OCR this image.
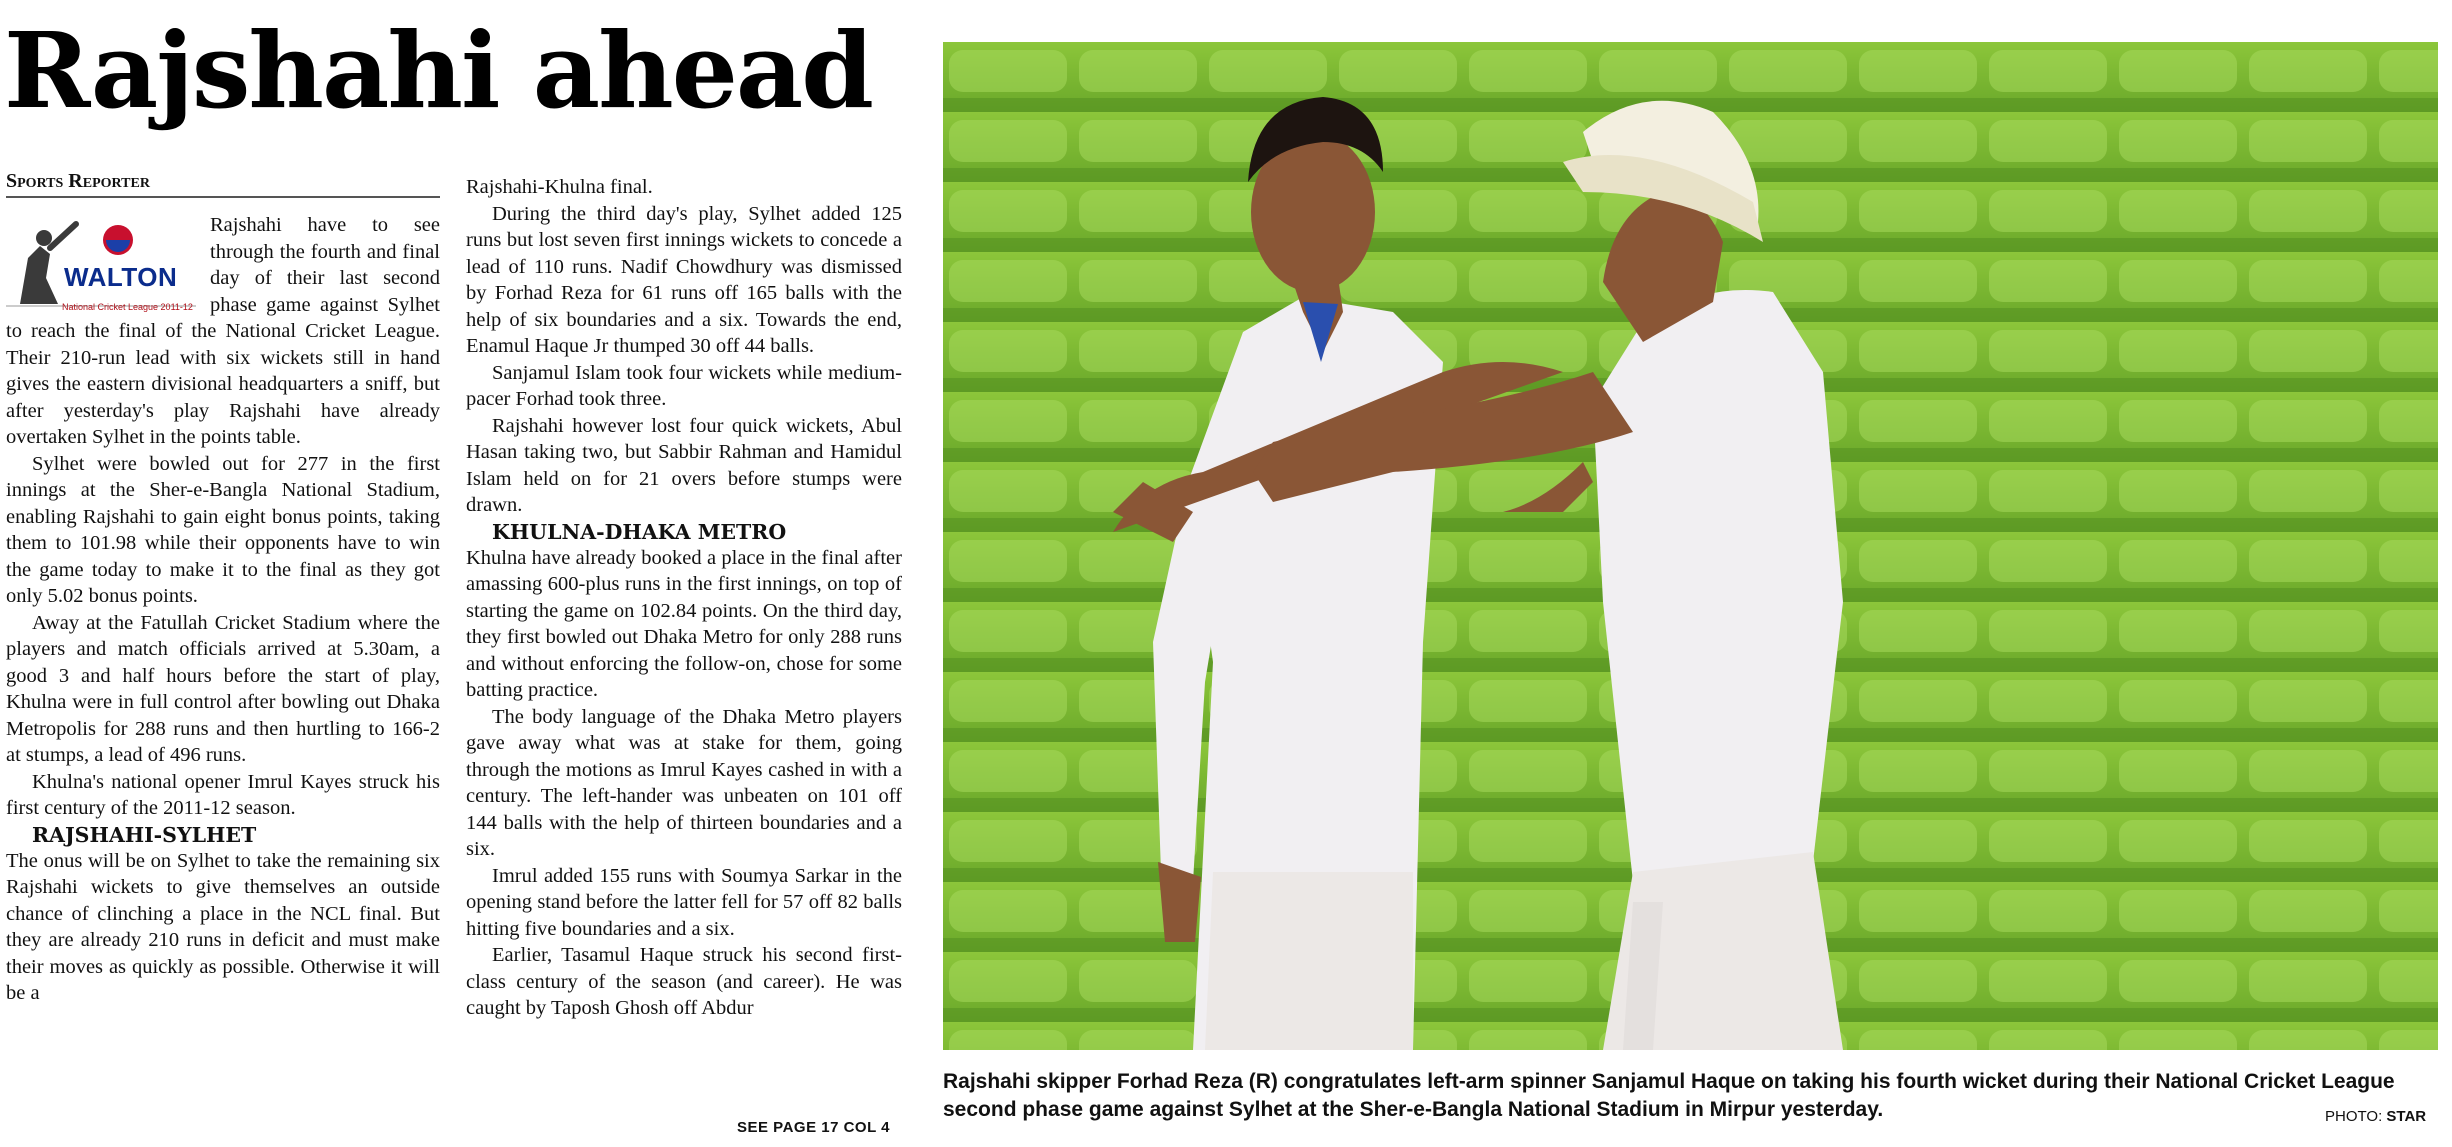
Rajshahi ahead
Sports Reporter
WALTON
National Cricket League 2011-12

Rajshahi have to see through the fourth and final day of their last second phase game against Sylhet to reach the final of the National Cricket League. Their 210-run lead with six wickets still in hand gives the eastern divisional headquarters a sniff, but after yesterday's play Rajshahi have already overtaken Sylhet in the points table.

Sylhet were bowled out for 277 in the first innings at the Sher-e-Bangla National Stadium, enabling Rajshahi to gain eight bonus points, taking them to 101.98 while their opponents have to win the game today to make it to the final as they got only 5.02 bonus points.

Away at the Fatullah Cricket Stadium where the players and match officials arrived at 5.30am, a good 3 and half hours before the start of play, Khulna were in full control after bowling out Dhaka Metropolis for 288 runs and then hurtling to 166-2 at stumps, a lead of 496 runs.

Khulna's national opener Imrul Kayes struck his first century of the 2011-12 season.

RAJSHAHI-SYLHET

The onus will be on Sylhet to take the remaining six Rajshahi wickets to give themselves an outside chance of clinching a place in the NCL final. But they are already 210 runs in deficit and must make their moves as quickly as possible. Otherwise it will be a

Rajshahi-Khulna final.

During the third day's play, Sylhet added 125 runs but lost seven first innings wickets to concede a lead of 110 runs. Nadif Chowdhury was dismissed by Forhad Reza for 61 runs off 165 balls with the help of six boundaries and a six. Towards the end, Enamul Haque Jr thumped 30 off 44 balls.

Sanjamul Islam took four wickets while medium-pacer Forhad took three.

Rajshahi however lost four quick wickets, Abul Hasan taking two, but Sabbir Rahman and Hamidul Islam held on for 21 overs before stumps were drawn.

KHULNA-DHAKA METRO

Khulna have already booked a place in the final after amassing 600-plus runs in the first innings, on top of starting the game on 102.84 points. On the third day, they first bowled out Dhaka Metro for only 288 runs and without enforcing the follow-on, chose for some batting practice.

The body language of the Dhaka Metro players gave away what was at stake for them, going through the motions as Imrul Kayes cashed in with a century. The left-hander was unbeaten on 101 off 144 balls with the help of thirteen boundaries and a six.

Imrul added 155 runs with Soumya Sarkar in the opening stand before the latter fell for 57 off 82 balls hitting five boundaries and a six.

Earlier, Tasamul Haque struck his second first-class century of the season (and career). He was caught by Taposh Ghosh off Abdur

SEE PAGE 17 COL 4
Rajshahi skipper Forhad Reza (R) congratulates left-arm spinner Sanjamul Haque on taking his fourth wicket during their National Cricket League second phase game against Sylhet at the Sher-e-Bangla National Stadium in Mirpur yesterday.	PHOTO: STAR
